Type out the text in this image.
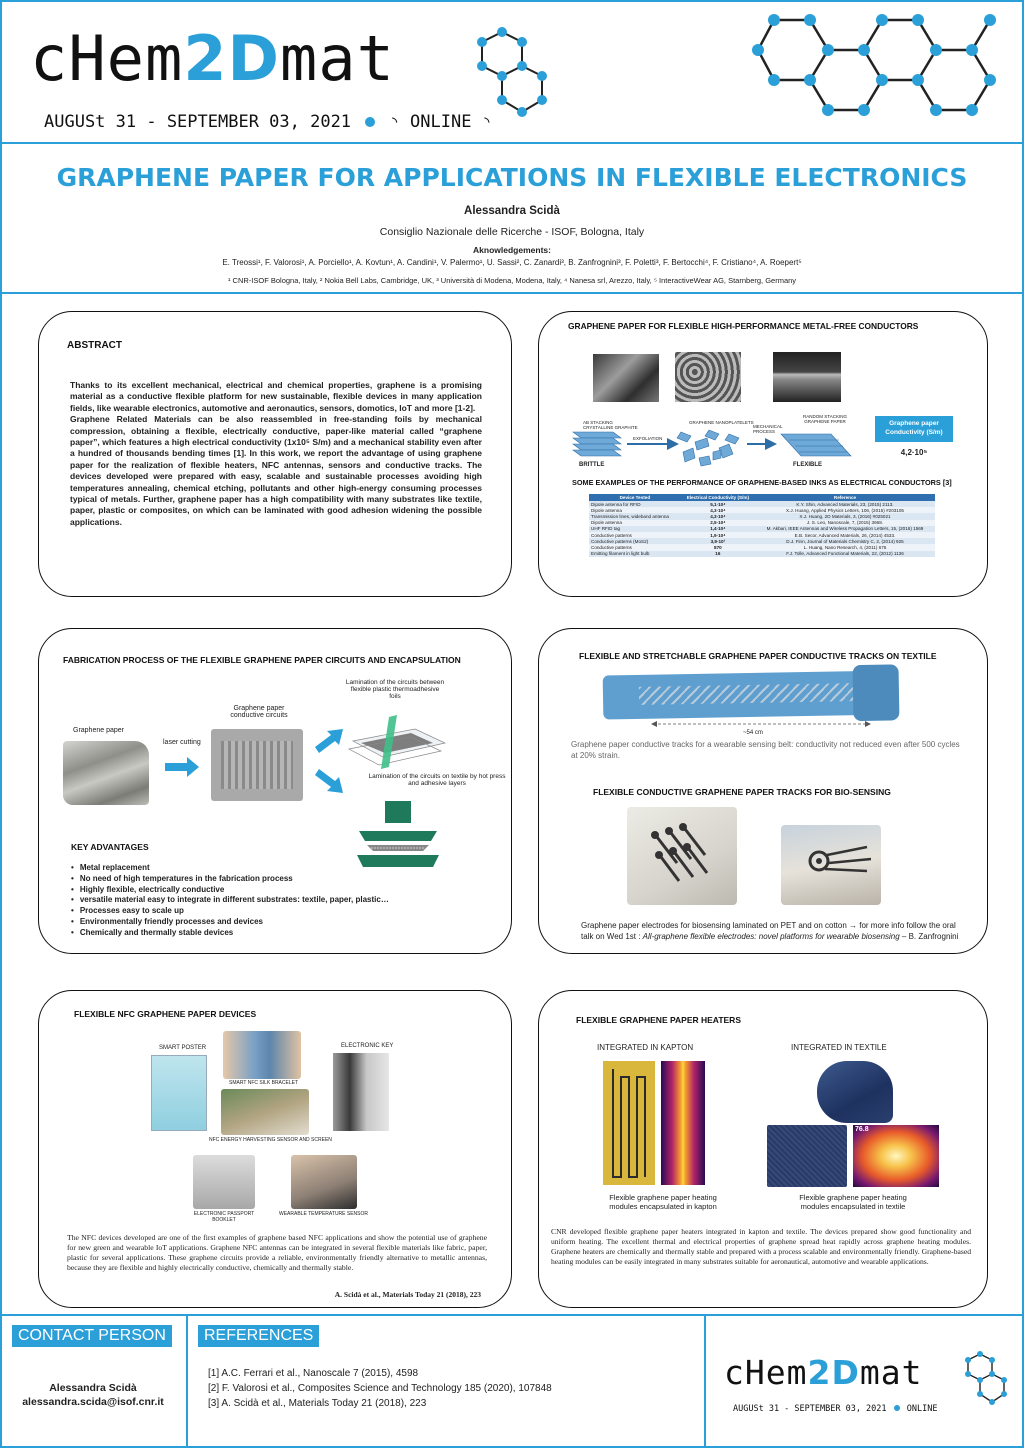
cHem2Dmat
AUGUSt 31 - SEPTEMBER 03, 2021 ◝ ONLINE ◝
GRAPHENE PAPER FOR APPLICATIONS IN FLEXIBLE ELECTRONICS
Alessandra Scidà
Consiglio Nazionale delle Ricerche - ISOF, Bologna, Italy
Aknowledgements:
E. Treossi¹, F. Valorosi¹, A. Porciello¹, A. Kovtun¹, A. Candini¹, V. Palermo¹, U. Sassi², C. Zanardi³, B. Zanfrognini³, F. Poletti³, F. Bertocchi⁴, F. Cristiano⁴, A. Roepert⁵
¹ CNR-ISOF Bologna, Italy, ² Nokia Bell Labs, Cambridge, UK, ³ Università di Modena, Modena, Italy, ⁴ Nanesa srl, Arezzo, Italy, ⁵ InteractiveWear AG, Starnberg, Germany
ABSTRACT
Thanks to its excellent mechanical, electrical and chemical properties, graphene is a promising material as a conductive flexible platform for new sustainable, flexible devices in many application fields, like wearable electronics, automotive and aeronautics, sensors, domotics, IoT and more [1-2].
Graphene Related Materials can be also reassembled in free-standing foils by mechanical compression, obtaining a flexible, electrically conductive, paper-like material called “graphene paper”, which features a high electrical conductivity (1x10⁵ S/m) and a mechanical stability even after a hundred of thousands bending times [1]. In this work, we report the advantage of using graphene paper for the realization of flexible heaters, NFC antennas, sensors and conductive tracks. The devices developed were prepared with easy, scalable and sustainable processes avoiding high temperatures annealing, chemical etching, pollutants and other high-energy consuming processes typical of metals. Further, graphene paper has a high compatibility with many substrates like textile, paper, plastic or composites, on which can be laminated with good adhesion widening the possible applications.
GRAPHENE PAPER FOR FLEXIBLE HIGH-PERFORMANCE METAL-FREE CONDUCTORS
AB STACKING CRYSTALLINE GRAPHITE
EXFOLIATION
GRAPHENE NANOPLATELETS
MECHANICAL PROCESS
RANDOM STACKING GRAPHENE PAPER
BRITTLE	FLEXIBLE
Graphene paper Conductivity (S/m)
4,2·10⁵
SOME EXAMPLES OF THE PERFORMANCE OF GRAPHENE-BASED INKS AS ELECTRICAL CONDUCTORS [3]
Device Tested	Electrical Conductivity (S/m)	Reference
Dipole antenna for RFID	5,1·10⁴	K.Y. Shin, Advanced Materials, 23, (2015) 2113.
Dipole antenna	4,3·10⁴	X.J. Huang, Applied Physics Letters, 106, (2015) #203105
Transmission lines, wideband antenna	4,3·10⁴	X.J. Huang, 2D Materials, 3, (2016) #025021
Dipole antenna	2,5·10⁴	J. S. Leo, Nanoscale, 7, (2015) 3668.
UHF RFID tag	1,4·10⁴	M. Akbari, IEEE Antennas and Wireless Propagation Letters, 15, (2016) 1569
Conductive patterns	1,9·10⁴	E.B. Secor, Advanced Materials, 26, (2014) 4533.
Conductive patterns (MoS2)	3,9·10³	D.J. Finn, Journal of Materials Chemistry C, 2, (2014) 925
Conductive patterns	870	L. Huang, Nano Research, 4, (2011) 675
Emitting filament in light bulb	16	F.J. Tolle, Advanced Functional Materials, 22, (2012) 1136
FABRICATION PROCESS OF THE FLEXIBLE GRAPHENE PAPER CIRCUITS AND ENCAPSULATION
Graphene paper
laser cutting
Graphene paper conductive circuits
Lamination of the circuits between flexible plastic thermoadhesive foils
Lamination of the circuits on textile by hot press and adhesive layers
KEY ADVANTAGES
• Metal replacement
• No need of high temperatures in the fabrication process
• Highly flexible, electrically conductive
• versatile material easy to integrate in different substrates: textile, paper, plastic…
• Processes easy to scale up
• Environmentally friendly processes and devices
• Chemically and thermally stable devices
FLEXIBLE AND STRETCHABLE GRAPHENE PAPER CONDUCTIVE TRACKS ON TEXTILE
~54 cm
Graphene paper conductive tracks for a wearable sensing belt: conductivity not reduced even after 500 cycles at 20% strain.
FLEXIBLE CONDUCTIVE GRAPHENE PAPER TRACKS FOR BIO-SENSING
Graphene paper electrodes for biosensing laminated on PET and on cotton → for more info follow the oral talk on Wed 1st : All-graphene flexible electrodes: novel platforms for wearable biosensing – B. Zanfrognini
FLEXIBLE NFC GRAPHENE PAPER DEVICES
SMART POSTER
SMART NFC SILK BRACELET
ELECTRONIC KEY
NFC ENERGY HARVESTING SENSOR AND SCREEN
ELECTRONIC PASSPORT BOOKLET
WEARABLE TEMPERATURE SENSOR
The NFC devices developed are one of the first examples of graphene based NFC applications and show the potential use of graphene for new green and wearable IoT applications. Graphene NFC antennas can be integrated in several flexible materials like fabric, paper, plastic for several applications. These graphene circuits provide a reliable, environmentally friendly alternative to metallic antennas, because they are flexible and highly electrically conductive, chemically and thermally stable.
A. Scidà et al., Materials Today 21 (2018), 223
FLEXIBLE GRAPHENE PAPER HEATERS
INTEGRATED IN KAPTON	INTEGRATED IN TEXTILE
76.8
Flexible graphene paper heating modules encapsulated in kapton
Flexible graphene paper heating modules encapsulated in textile
CNR developed flexible graphene paper heaters integrated in kapton and textile. The devices prepared show good functionality and uniform heating. The excellent thermal and electrical properties of graphene spread heat rapidly across graphene heating modules. Graphene heaters are chemically and thermally stable and prepared with a process scalable and environmentally friendly. Graphene-based heating modules can be easily integrated in many substrates suitable for aeronautical, automotive and wearable applications.
CONTACT PERSON
Alessandra Scidà
alessandra.scida@isof.cnr.it
REFERENCES
[1] A.C. Ferrari et al., Nanoscale 7 (2015), 4598
[2] F. Valorosi et al., Composites Science and Technology 185 (2020), 107848
[3] A. Scidà et al., Materials Today 21 (2018), 223
cHem2Dmat
AUGUSt 31 - SEPTEMBER 03, 2021 ONLINE
